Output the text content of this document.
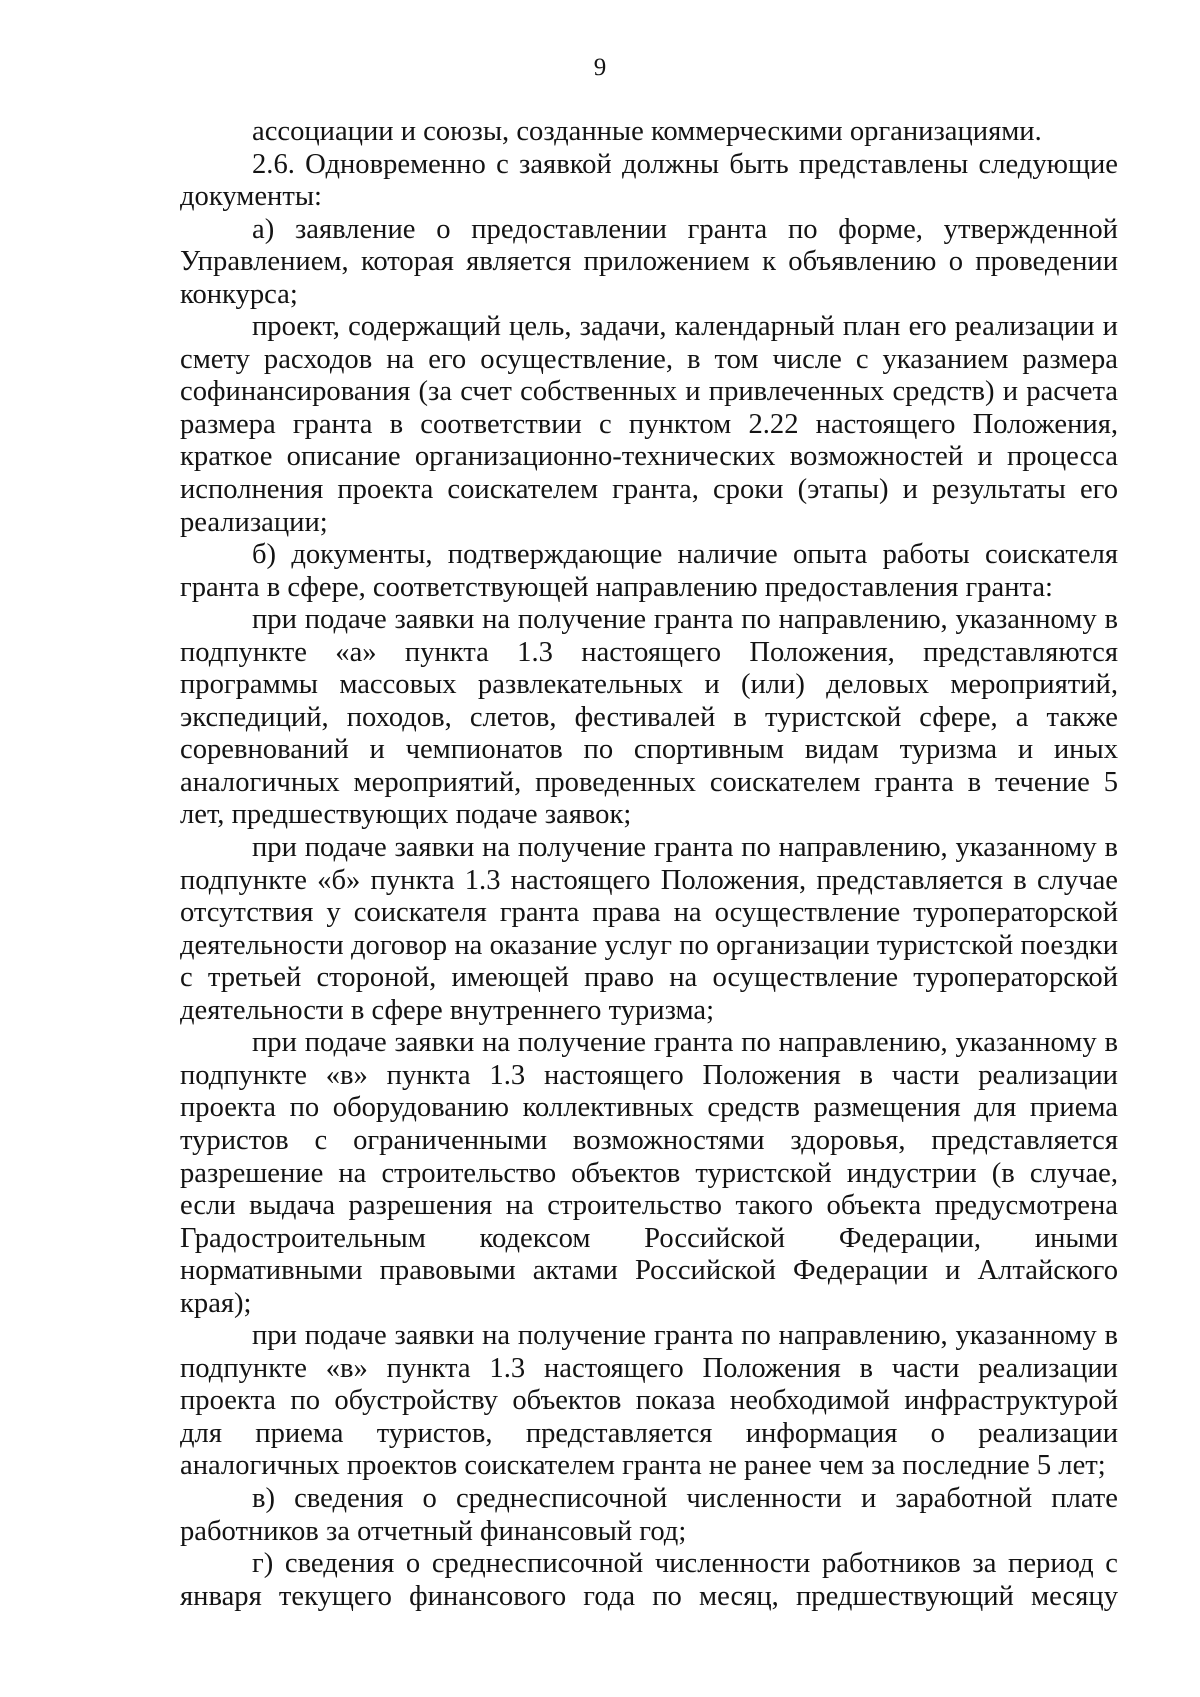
9

ассоциации и союзы, созданные коммерческими организациями.

2.6. Одновременно с заявкой должны быть представлены следующие документы:

а) заявление о предоставлении гранта по форме, утвержденной Управлением, которая является приложением к объявлению о проведении конкурса;

проект, содержащий цель, задачи, календарный план его реализации и смету расходов на его осуществление, в том числе с указанием размера софинансирования (за счет собственных и привлеченных средств) и расчета размера гранта в соответствии с пунктом 2.22 настоящего Положения, краткое описание организационно-технических возможностей и процесса исполнения проекта соискателем гранта, сроки (этапы) и результаты его реализации;

б) документы, подтверждающие наличие опыта работы соискателя гранта в сфере, соответствующей направлению предоставления гранта:

при подаче заявки на получение гранта по направлению, указанному в подпункте «а» пункта 1.3 настоящего Положения, представляются программы массовых развлекательных и (или) деловых мероприятий, экспедиций, походов, слетов, фестивалей в туристской сфере, а также соревнований и чемпионатов по спортивным видам туризма и иных аналогичных мероприятий, проведенных соискателем гранта в течение 5 лет, предшествующих подаче заявок;

при подаче заявки на получение гранта по направлению, указанному в подпункте «б» пункта 1.3 настоящего Положения, представляется в случае отсутствия у соискателя гранта права на осуществление туроператорской деятельности договор на оказание услуг по организации туристской поездки с третьей стороной, имеющей право на осуществление туроператорской деятельности в сфере внутреннего туризма;

при подаче заявки на получение гранта по направлению, указанному в подпункте «в» пункта 1.3 настоящего Положения в части реализации проекта по оборудованию коллективных средств размещения для приема туристов с ограниченными возможностями здоровья, представляется разрешение на строительство объектов туристской индустрии (в случае, если выдача разрешения на строительство такого объекта предусмотрена Градостроительным кодексом Российской Федерации, иными нормативными правовыми актами Российской Федерации и Алтайского края);

при подаче заявки на получение гранта по направлению, указанному в подпункте «в» пункта 1.3 настоящего Положения в части реализации проекта по обустройству объектов показа необходимой инфраструктурой для приема туристов, представляется информация о реализации аналогичных проектов соискателем гранта не ранее чем за последние 5 лет;

в) сведения о среднесписочной численности и заработной плате работников за отчетный финансовый год;

г) сведения о среднесписочной численности работников за период с января текущего финансового года по месяц, предшествующий месяцу
